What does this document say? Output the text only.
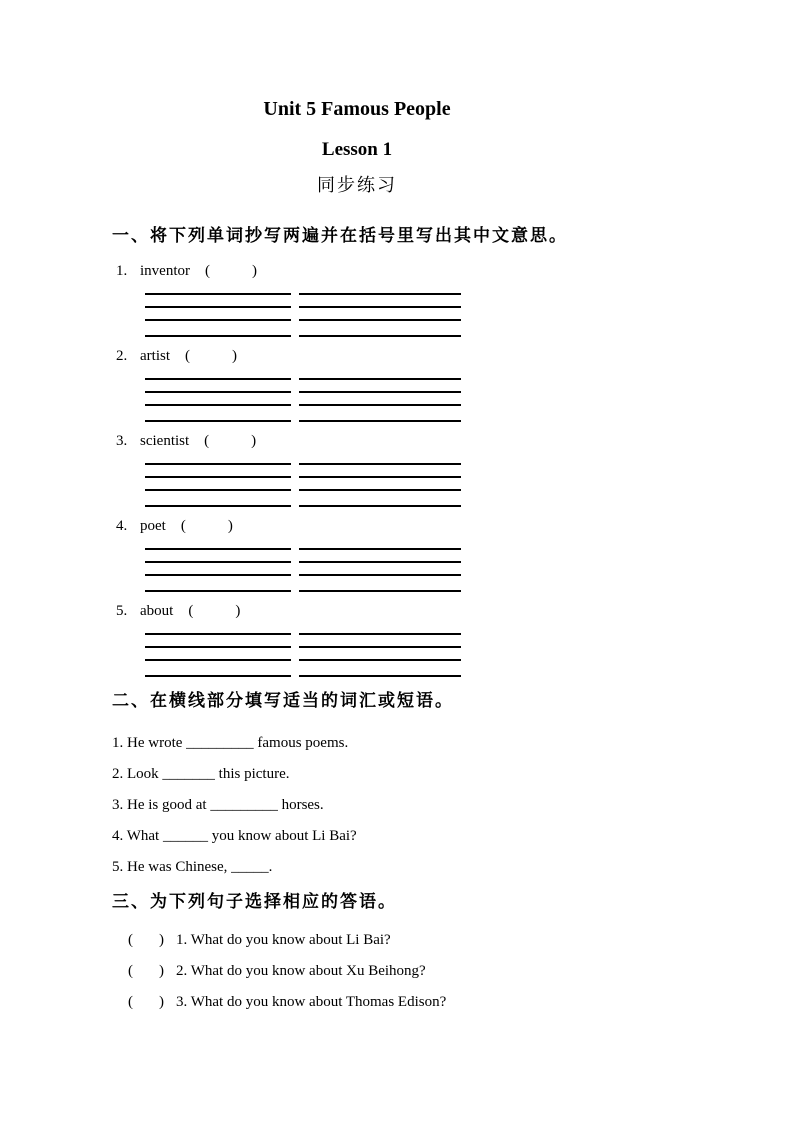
Unit 5 Famous People
Lesson 1
同步练习
一、将下列单词抄写两遍并在括号里写出其中文意思。
1. inventor (	)
2. artist (	)
3. scientist (	)
4. poet (	)
5. about (	)
二、在横线部分填写适当的词汇或短语。
1. He wrote _________ famous poems.
2. Look _______ this picture.
3. He is good at _________ horses.
4. What ______ you know about Li Bai?
5. He was Chinese, _____.
三、为下列句子选择相应的答语。
( ) 1. What do you know about Li Bai?
( ) 2. What do you know about Xu Beihong?
( ) 3. What do you know about Thomas Edison?
